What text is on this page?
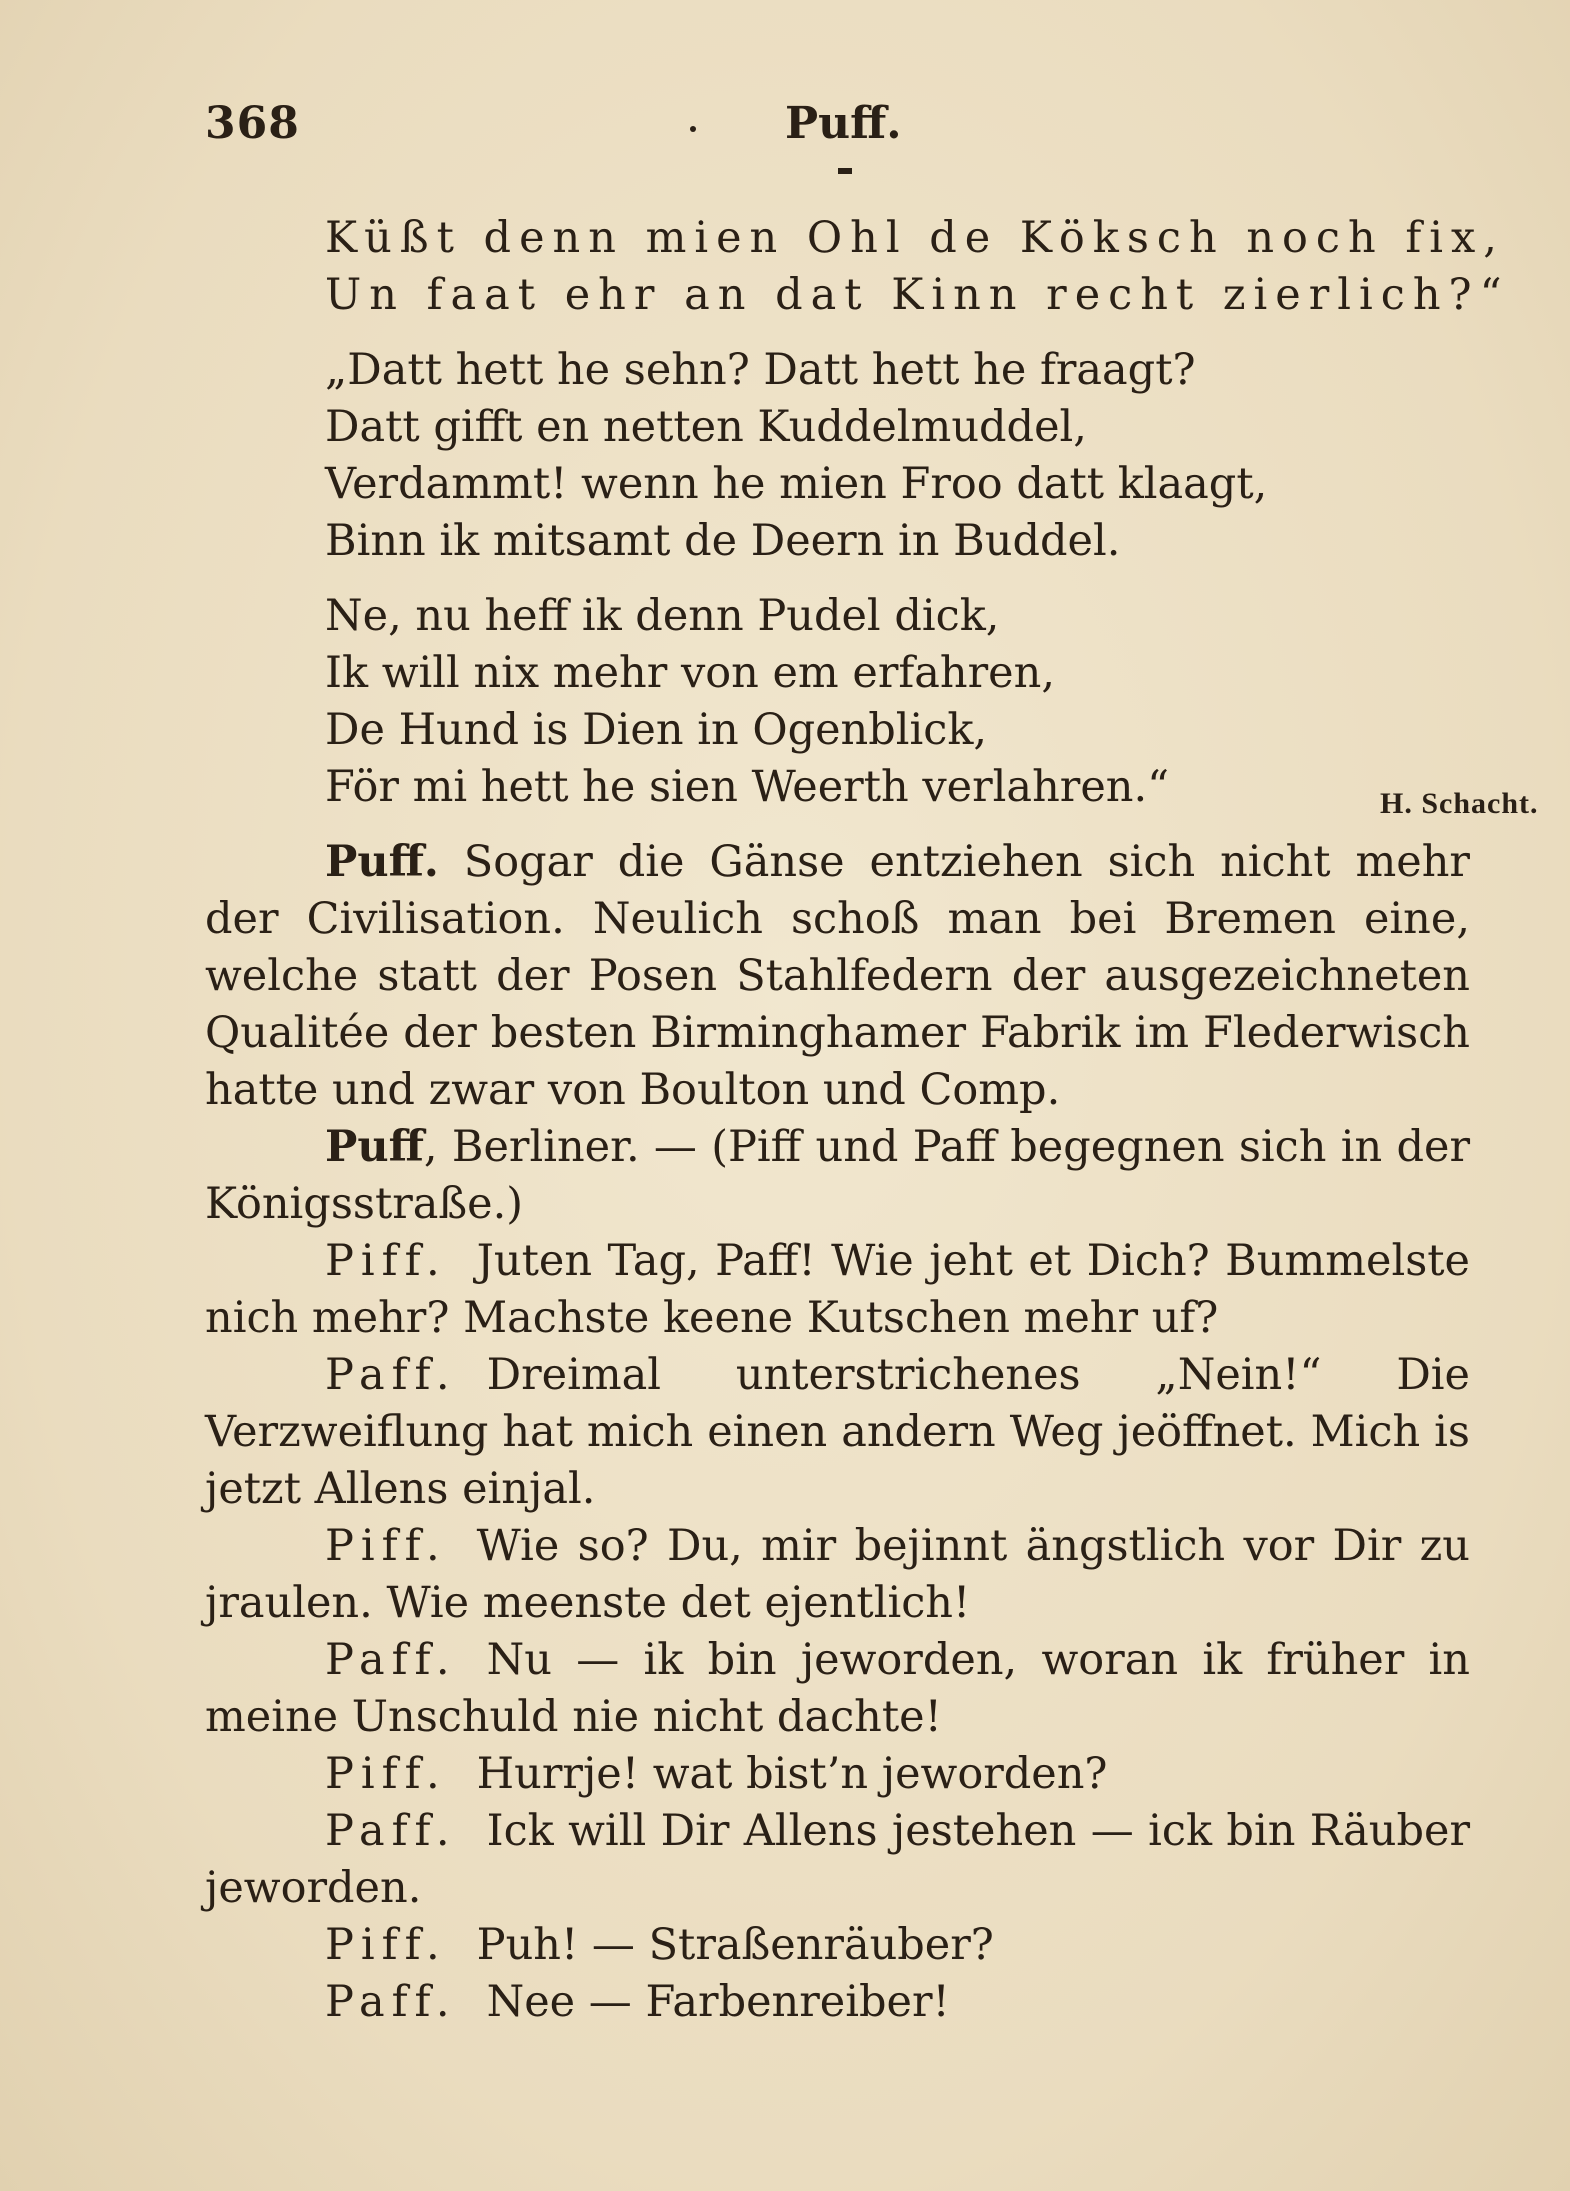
368	Puff.
Küßt denn mien Ohl de Köksch noch fix,
Un faat ehr an dat Kinn recht zierlich?“
„Datt hett he sehn? Datt hett he fraagt?
Datt gifft en netten Kuddelmuddel,
Verdammt! wenn he mien Froo datt klaagt,
Binn ik mitsamt de Deern in Buddel.
Ne, nu heff ik denn Pudel dick,
Ik will nix mehr von em erfahren,
De Hund is Dien in Ogenblick,
För mi hett he sien Weerth verlahren.“	H. Schacht.

Puff. Sogar die Gänse entziehen sich nicht mehr der Civilisation. Neulich schoß man bei Bremen eine, welche statt der Posen Stahlfedern der ausgezeichneten Qualitée der besten Birminghamer Fabrik im Flederwisch hatte und zwar von Boulton und Comp.

Puff, Berliner. — (Piff und Paff begegnen sich in der Königsstraße.)

Piff. Juten Tag, Paff! Wie jeht et Dich? Bummelste nich mehr? Machste keene Kutschen mehr uf?

Paff. Dreimal unterstrichenes „Nein!“ Die Verzweiflung hat mich einen andern Weg jeöffnet. Mich is jetzt Allens einjal.

Piff. Wie so? Du, mir bejinnt ängstlich vor Dir zu jraulen. Wie meenste det ejentlich!

Paff. Nu — ik bin jeworden, woran ik früher in meine Unschuld nie nicht dachte!

Piff. Hurrje! wat bist’n jeworden?

Paff. Ick will Dir Allens jestehen — ick bin Räuber jeworden.

Piff. Puh! — Straßenräuber?

Paff. Nee — Farbenreiber!
